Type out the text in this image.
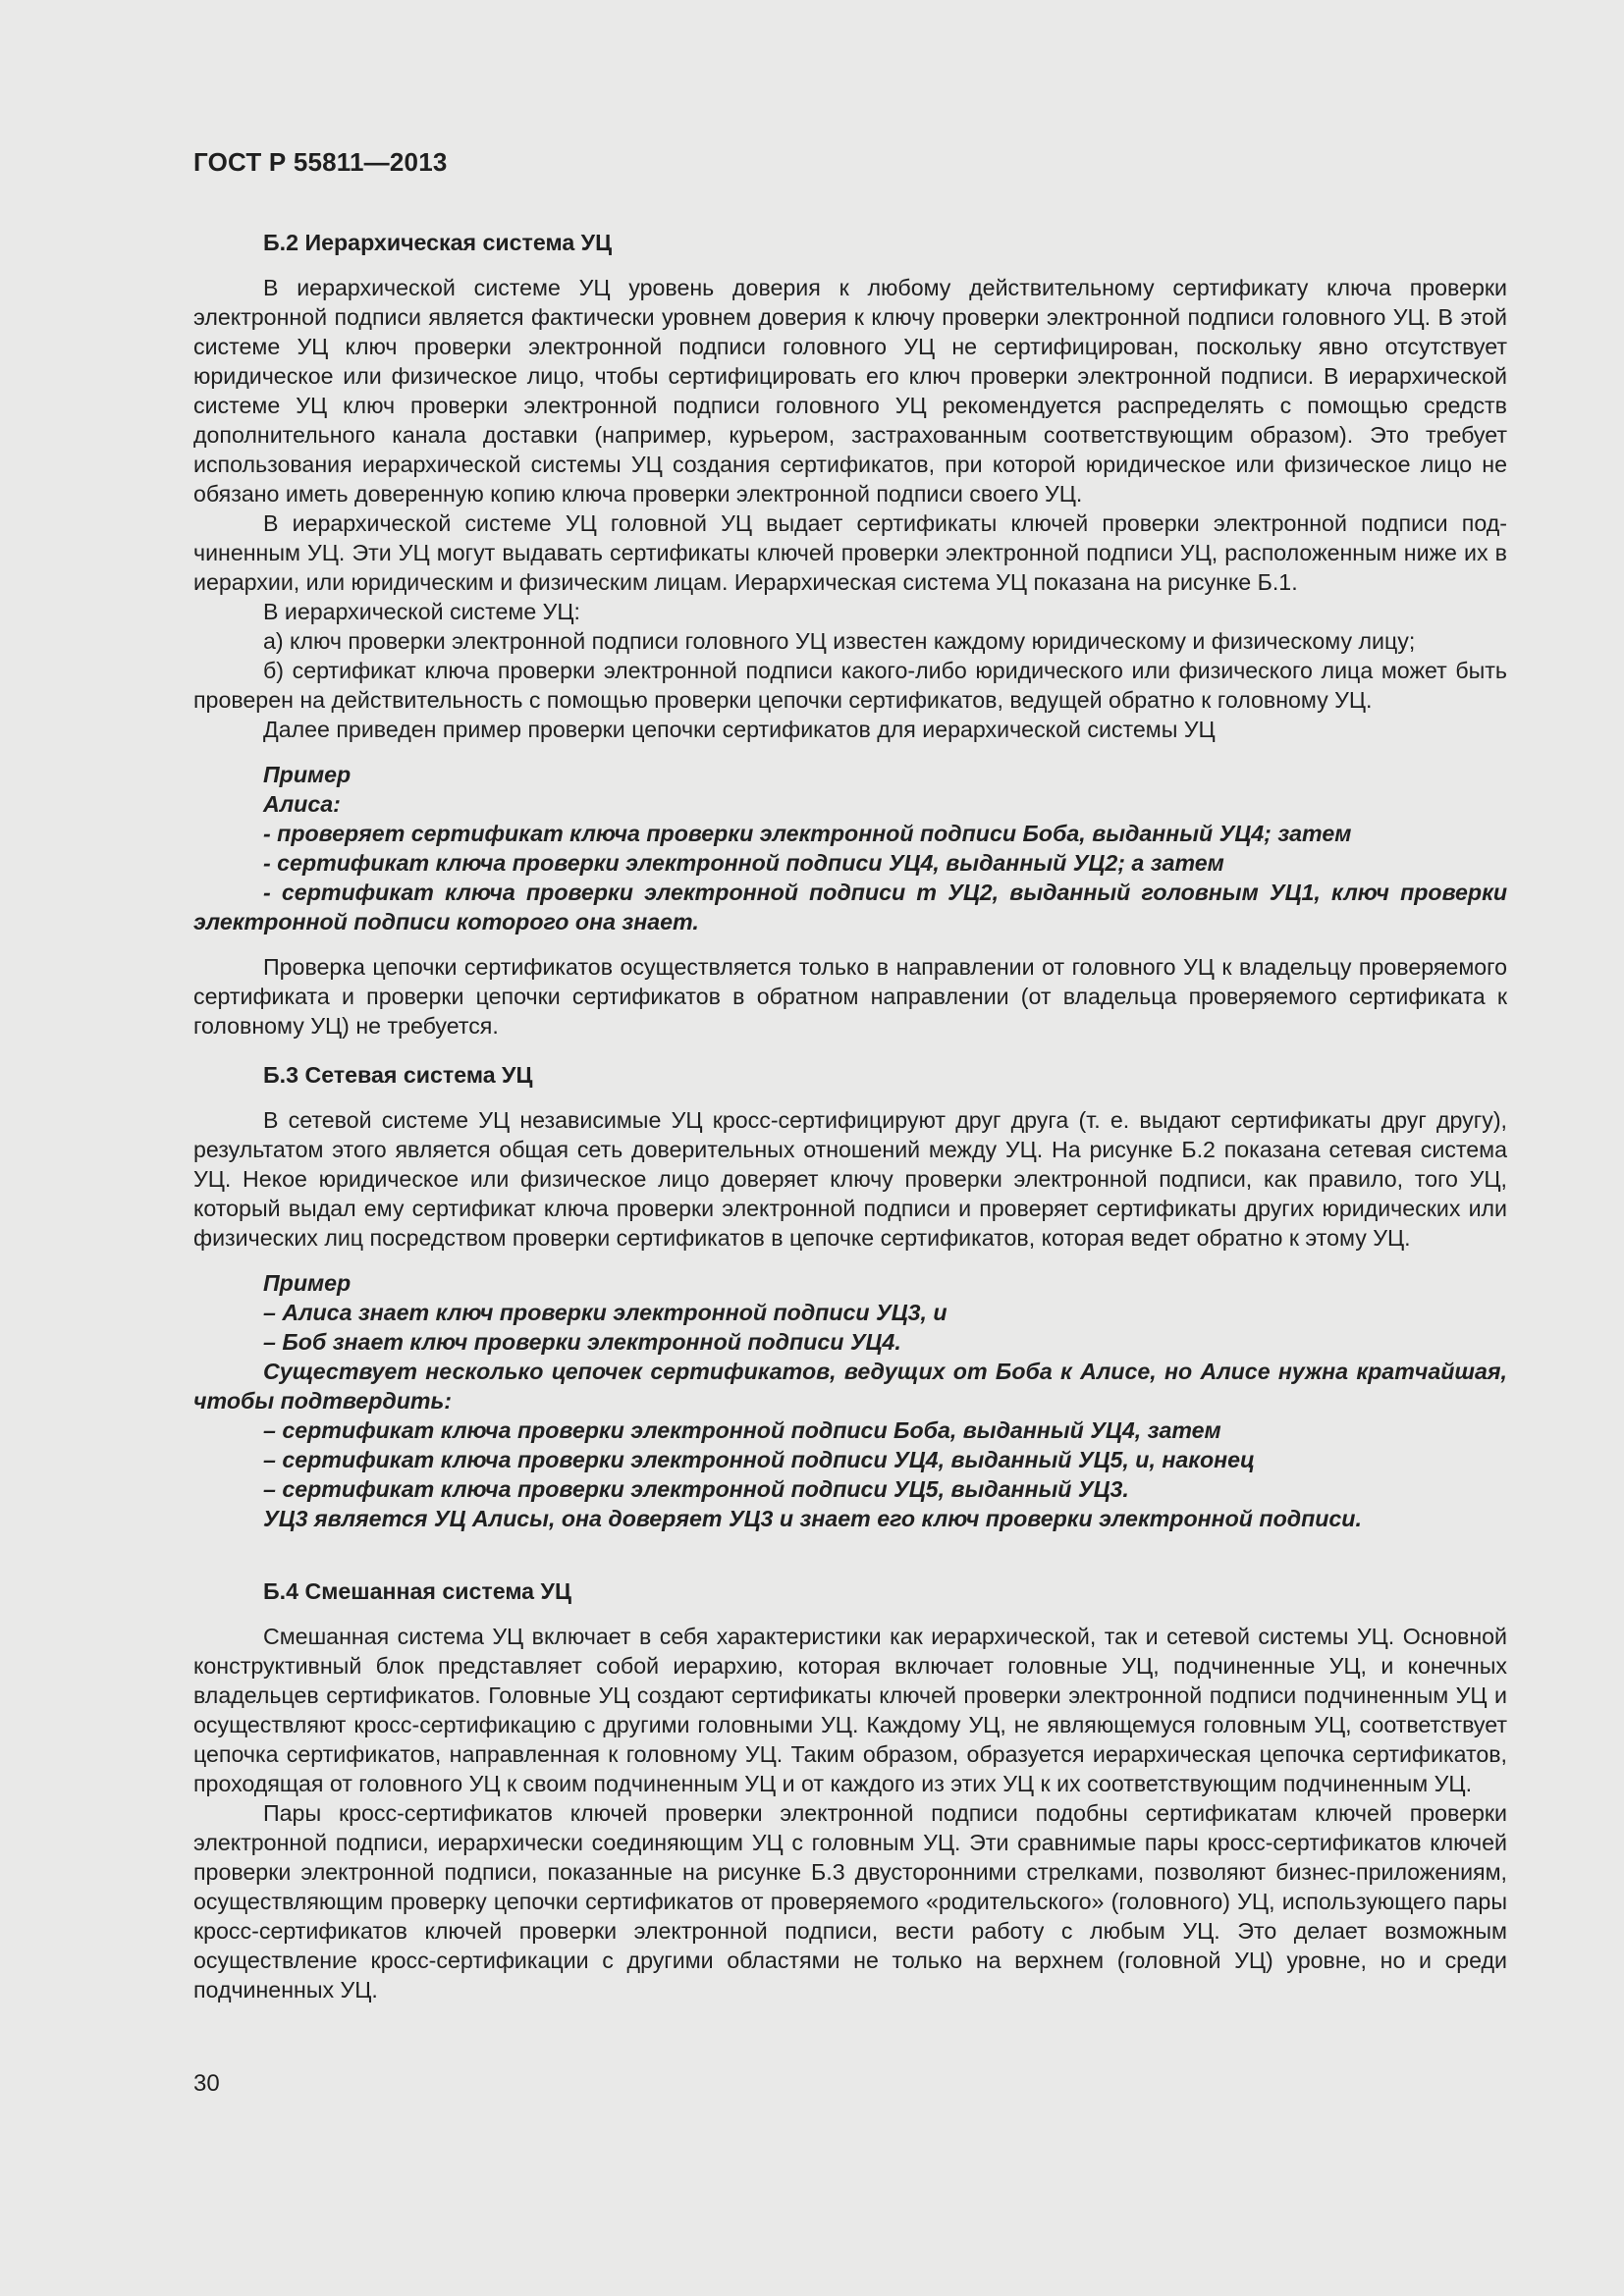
ГОСТ Р 55811—2013
Б.2 Иерархическая система УЦ

В иерархической системе УЦ уровень доверия к любому действительному сертификату ключа проверки электронной подписи является фактически уровнем доверия к ключу проверки электронной подписи головного УЦ. В этой системе УЦ ключ проверки электронной подписи головного УЦ не сертифицирован, поскольку явно отсутствует юридическое или физическое лицо, чтобы сертифицировать его ключ проверки электронной подписи. В иерархической системе УЦ ключ проверки электронной подписи головного УЦ рекомендуется распределять с помощью средств дополнительного канала доставки (например, курьером, застрахованным соответствующим образом). Это требует использования иерархической системы УЦ создания сертификатов, при которой юридическое или физическое лицо не обязано иметь доверенную копию ключа проверки электронной подписи своего УЦ.

В иерархической системе УЦ головной УЦ выдает сертификаты ключей проверки электронной подписи подчиненным УЦ. Эти УЦ могут выдавать сертификаты ключей проверки электронной подписи УЦ, расположенным ниже их в иерархии, или юридическим и физическим лицам. Иерархическая система УЦ показана на рисунке Б.1.

В иерархической системе УЦ:

а) ключ проверки электронной подписи головного УЦ известен каждому юридическому и физическому лицу;

б) сертификат ключа проверки электронной подписи какого-либо юридического или физического лица может быть проверен на действительность с помощью проверки цепочки сертификатов, ведущей обратно к головному УЦ.

Далее приведен пример проверки цепочки сертификатов для иерархической системы УЦ

Пример

Алиса:

- проверяет сертификат ключа проверки электронной подписи Боба, выданный УЦ4; затем

- сертификат ключа проверки электронной подписи УЦ4, выданный УЦ2; а затем

- сертификат ключа проверки электронной подписи т УЦ2, выданный головным УЦ1, ключ проверки электронной подписи которого она знает.

Проверка цепочки сертификатов осуществляется только в направлении от головного УЦ к владельцу проверяемого сертификата и проверки цепочки сертификатов в обратном направлении (от владельца проверяемого сертификата к головному УЦ) не требуется.

Б.3 Сетевая система УЦ

В сетевой системе УЦ независимые УЦ кросс-сертифицируют друг друга (т. е. выдают сертификаты друг другу), результатом этого является общая сеть доверительных отношений между УЦ. На рисунке Б.2 показана сетевая система УЦ. Некое юридическое или физическое лицо доверяет ключу проверки электронной подписи, как правило, того УЦ, который выдал ему сертификат ключа проверки электронной подписи и проверяет сертификаты других юридических или физических лиц посредством проверки сертификатов в цепочке сертификатов, которая ведет обратно к этому УЦ.

Пример

– Алиса знает ключ проверки электронной подписи УЦ3, и

– Боб знает ключ проверки электронной подписи УЦ4.

Существует несколько цепочек сертификатов, ведущих от Боба к Алисе, но Алисе нужна кратчайшая, чтобы подтвердить:

– сертификат ключа проверки электронной подписи Боба, выданный УЦ4, затем

– сертификат ключа проверки электронной подписи УЦ4, выданный УЦ5, и, наконец

– сертификат ключа проверки электронной подписи УЦ5, выданный УЦ3.

УЦ3 является УЦ Алисы, она доверяет УЦ3 и знает его ключ проверки электронной подписи.

Б.4 Смешанная система УЦ

Смешанная система УЦ включает в себя характеристики как иерархической, так и сетевой системы УЦ. Основной конструктивный блок представляет собой иерархию, которая включает головные УЦ, подчиненные УЦ, и конечных владельцев сертификатов. Головные УЦ создают сертификаты ключей проверки электронной подписи подчиненным УЦ и осуществляют кросс-сертификацию с другими головными УЦ. Каждому УЦ, не являющемуся головным УЦ, соответствует цепочка сертификатов, направленная к головному УЦ. Таким образом, образуется иерархическая цепочка сертификатов, проходящая от головного УЦ к своим подчиненным УЦ и от каждого из этих УЦ к их соответствующим подчиненным УЦ.

Пары кросс-сертификатов ключей проверки электронной подписи подобны сертификатам ключей проверки электронной подписи, иерархически соединяющим УЦ с головным УЦ. Эти сравнимые пары кросс-сертификатов ключей проверки электронной подписи, показанные на рисунке Б.3 двусторонними стрелками, позволяют бизнес-приложениям, осуществляющим проверку цепочки сертификатов от проверяемого «родительского» (головного) УЦ, использующего пары кросс-сертификатов ключей проверки электронной подписи, вести работу с любым УЦ. Это делает возможным осуществление кросс-сертификации с другими областями не только на верхнем (головной УЦ) уровне, но и среди подчиненных УЦ.

30
